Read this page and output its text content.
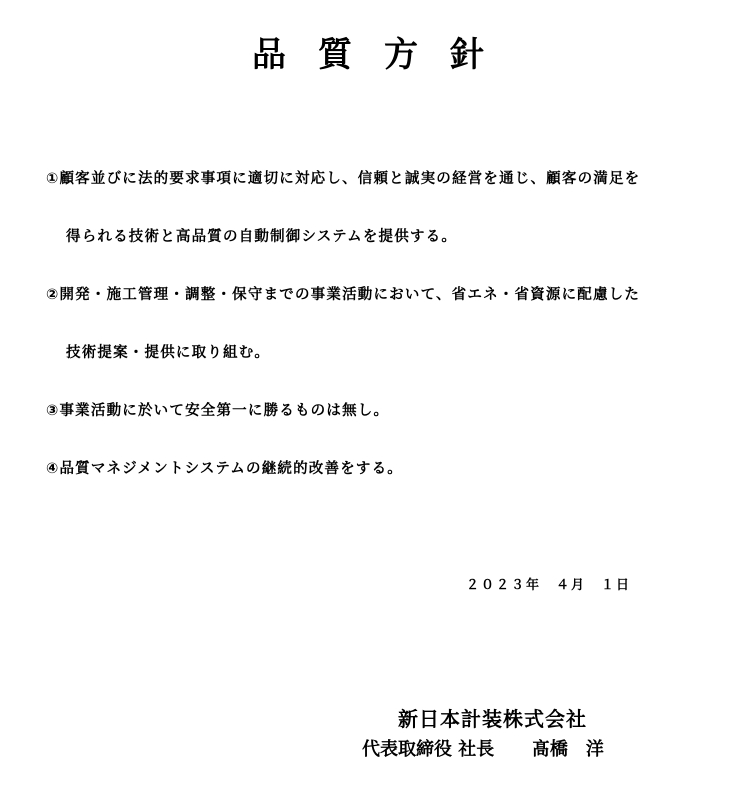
品質方針
①顧客並びに法的要求事項に適切に対応し、信頼と誠実の経営を通じ、顧客の満足を
得られる技術と高品質の自動制御システムを提供する。
②開発・施工管理・調整・保守までの事業活動において、省エネ・省資源に配慮した
技術提案・提供に取り組む。
③事業活動に於いて安全第一に勝るものは無し。
④品質マネジメントシステムの継続的改善をする。
２０２３年　４月　１日
新日本計装株式会社
代表取締役 社長 髙橋　洋
